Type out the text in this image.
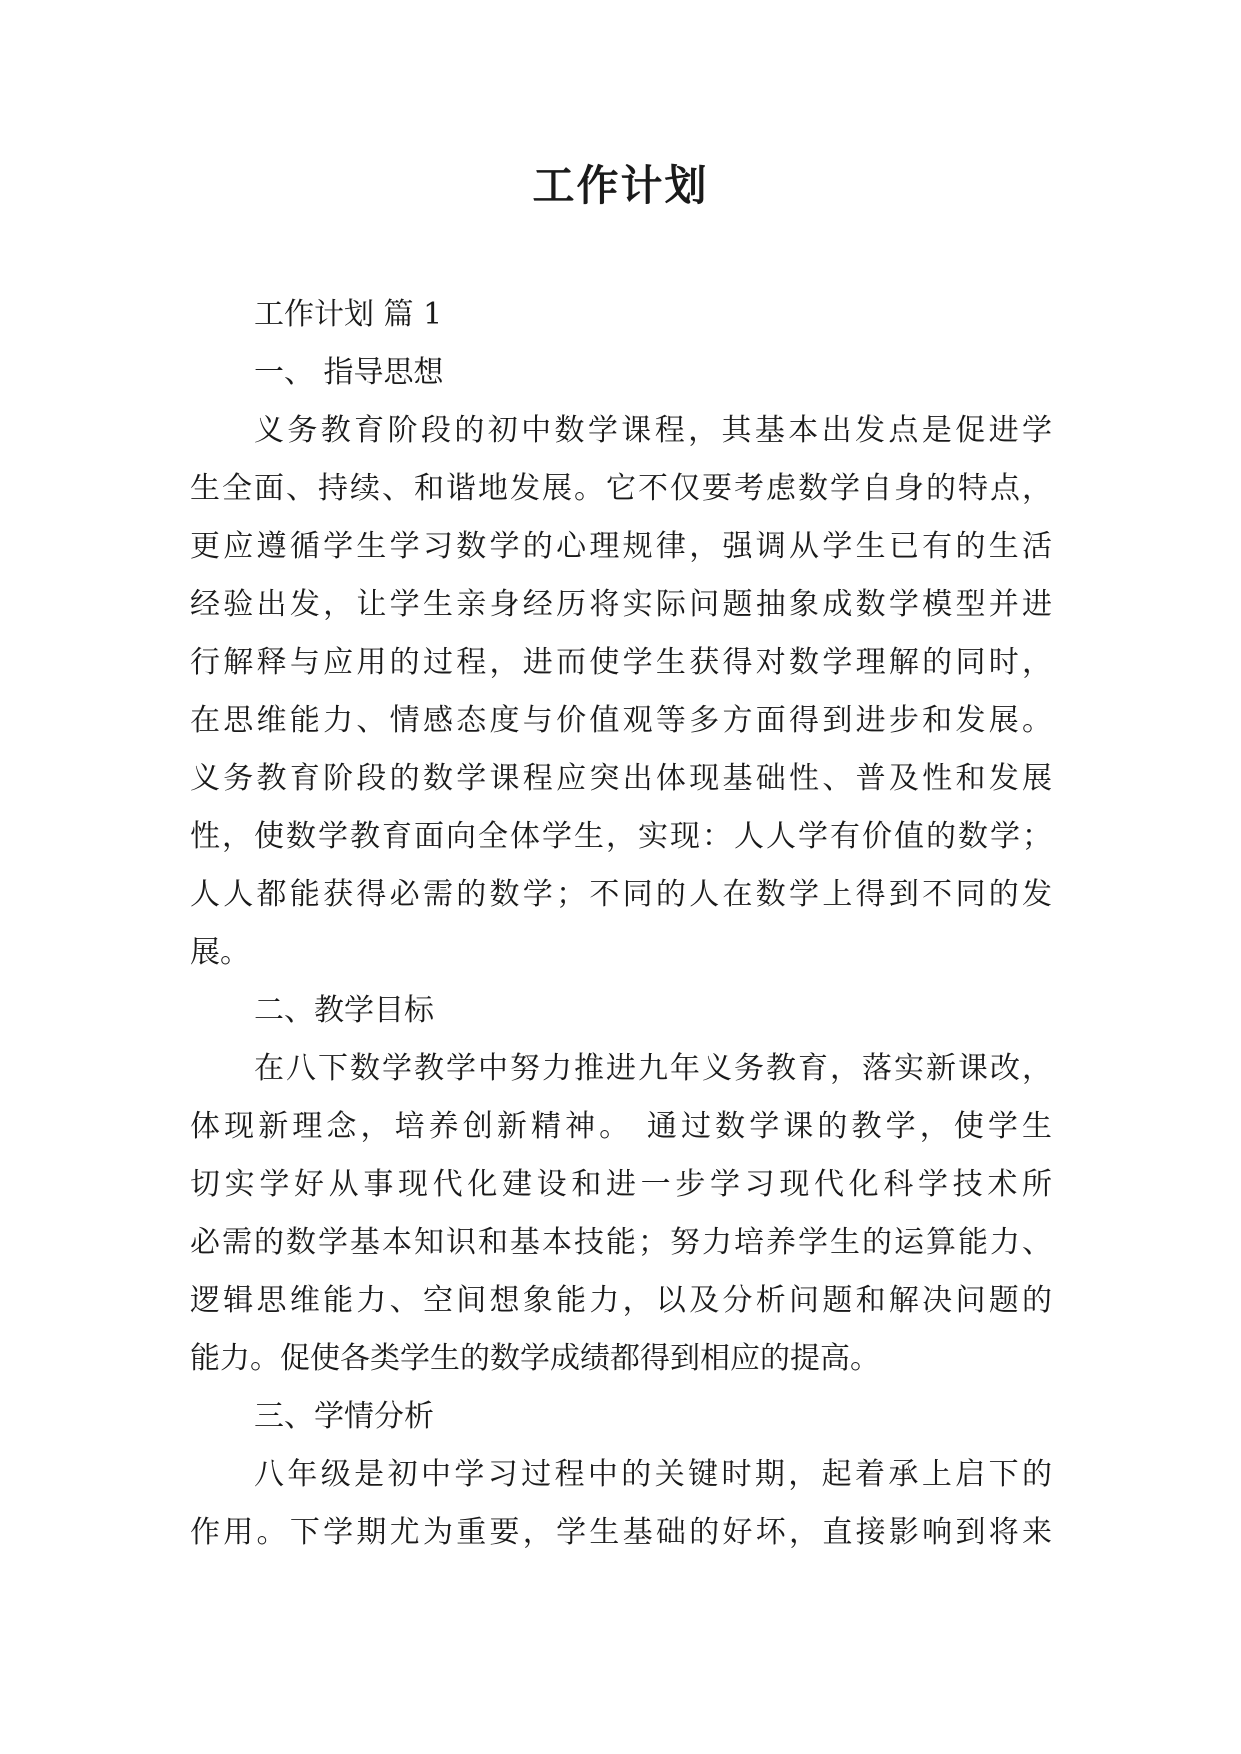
工作计划
工作计划 篇 1
一、 指导思想
义务教育阶段的初中数学课程，其基本出发点是促进学
生全面、持续、和谐地发展。它不仅要考虑数学自身的特点，
更应遵循学生学习数学的心理规律，强调从学生已有的生活
经验出发，让学生亲身经历将实际问题抽象成数学模型并进
行解释与应用的过程，进而使学生获得对数学理解的同时，
在思维能力、情感态度与价值观等多方面得到进步和发展。
义务教育阶段的数学课程应突出体现基础性、普及性和发展
性，使数学教育面向全体学生，实现：人人学有价值的数学；
人人都能获得必需的数学；不同的人在数学上得到不同的发
展。
二、教学目标
在八下数学教学中努力推进九年义务教育，落实新课改，
体现新理念，培养创新精神。 通过数学课的教学，使学生
切实学好从事现代化建设和进一步学习现代化科学技术所
必需的数学基本知识和基本技能；努力培养学生的运算能力、
逻辑思维能力、空间想象能力，以及分析问题和解决问题的
能力。促使各类学生的数学成绩都得到相应的提高。
三、学情分析
八年级是初中学习过程中的关键时期，起着承上启下的
作用。下学期尤为重要，学生基础的好坏，直接影响到将来
